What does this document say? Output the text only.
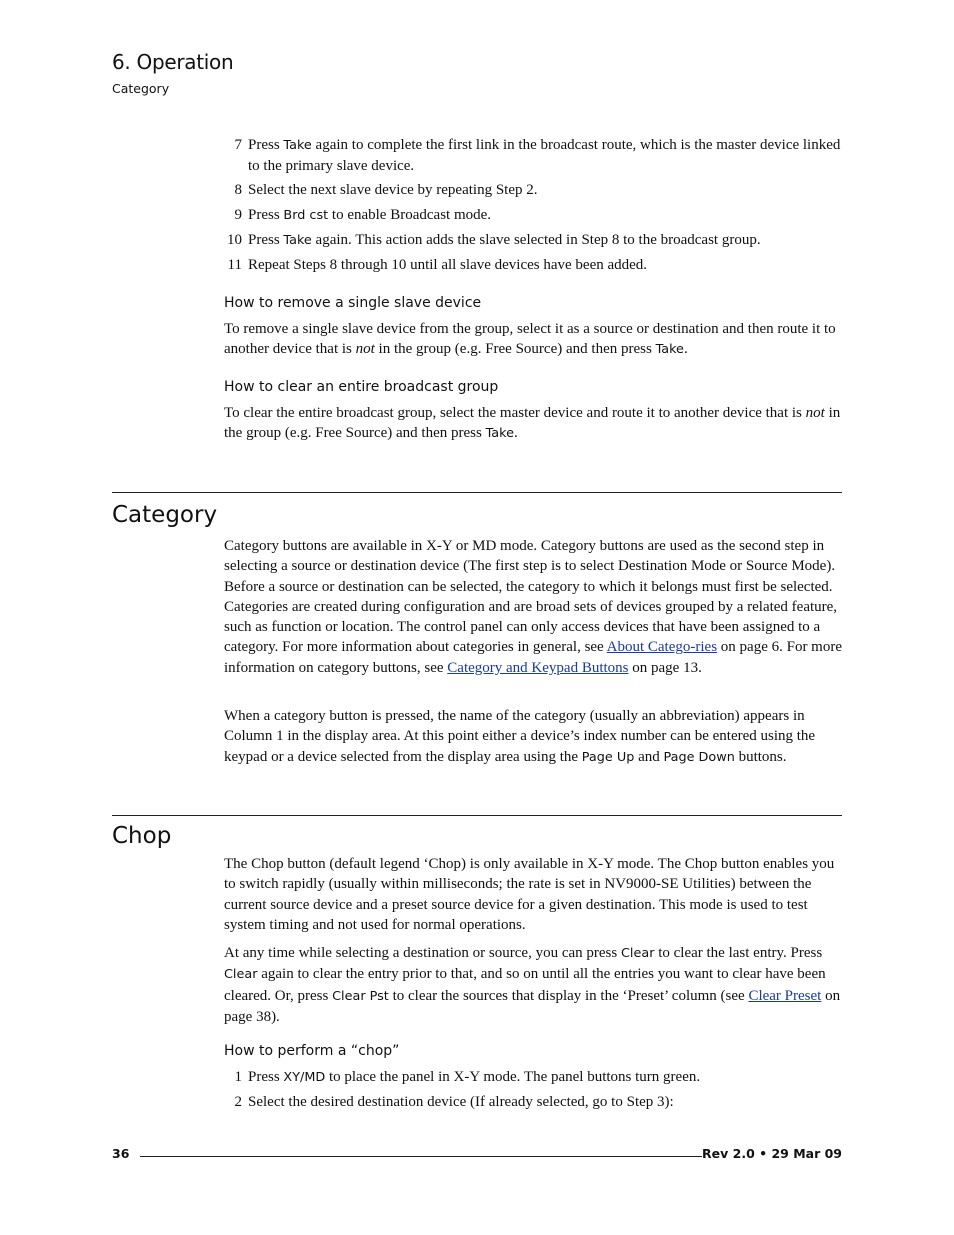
6. Operation
Category
7 Press Take again to complete the first link in the broadcast route, which is the master device linked to the primary slave device.
8 Select the next slave device by repeating Step 2.
9 Press Brd cst to enable Broadcast mode.
10 Press Take again. This action adds the slave selected in Step 8 to the broadcast group.
11 Repeat Steps 8 through 10 until all slave devices have been added.
How to remove a single slave device

To remove a single slave device from the group, select it as a source or destination and then route it to another device that is not in the group (e.g. Free Source) and then press Take.

How to clear an entire broadcast group

To clear the entire broadcast group, select the master device and route it to another device that is not in the group (e.g. Free Source) and then press Take.

Category

Category buttons are available in X-Y or MD mode. Category buttons are used as the second step in selecting a source or destination device (The first step is to select Destination Mode or Source Mode). Before a source or destination can be selected, the category to which it belongs must first be selected. Categories are created during configuration and are broad sets of devices grouped by a related feature, such as function or location. The control panel can only access devices that have been assigned to a category. For more information about categories in general, see About Catego-ries on page 6. For more information on category buttons, see Category and Keypad Buttons on page 13.

When a category button is pressed, the name of the category (usually an abbreviation) appears in Column 1 in the display area. At this point either a device’s index number can be entered using the keypad or a device selected from the display area using the Page Up and Page Down buttons.

Chop

The Chop button (default legend ‘Chop) is only available in X-Y mode. The Chop button enables you to switch rapidly (usually within milliseconds; the rate is set in NV9000-SE Utilities) between the current source device and a preset source device for a given destination. This mode is used to test system timing and not used for normal operations.

At any time while selecting a destination or source, you can press Clear to clear the last entry. Press Clear again to clear the entry prior to that, and so on until all the entries you want to clear have been cleared. Or, press Clear Pst to clear the sources that display in the ‘Preset’ column (see Clear Preset on page 38).

How to perform a “chop”
1 Press XY/MD to place the panel in X-Y mode. The panel buttons turn green.
2 Select the desired destination device (If already selected, go to Step 3):
36	Rev 2.0 • 29 Mar 09
